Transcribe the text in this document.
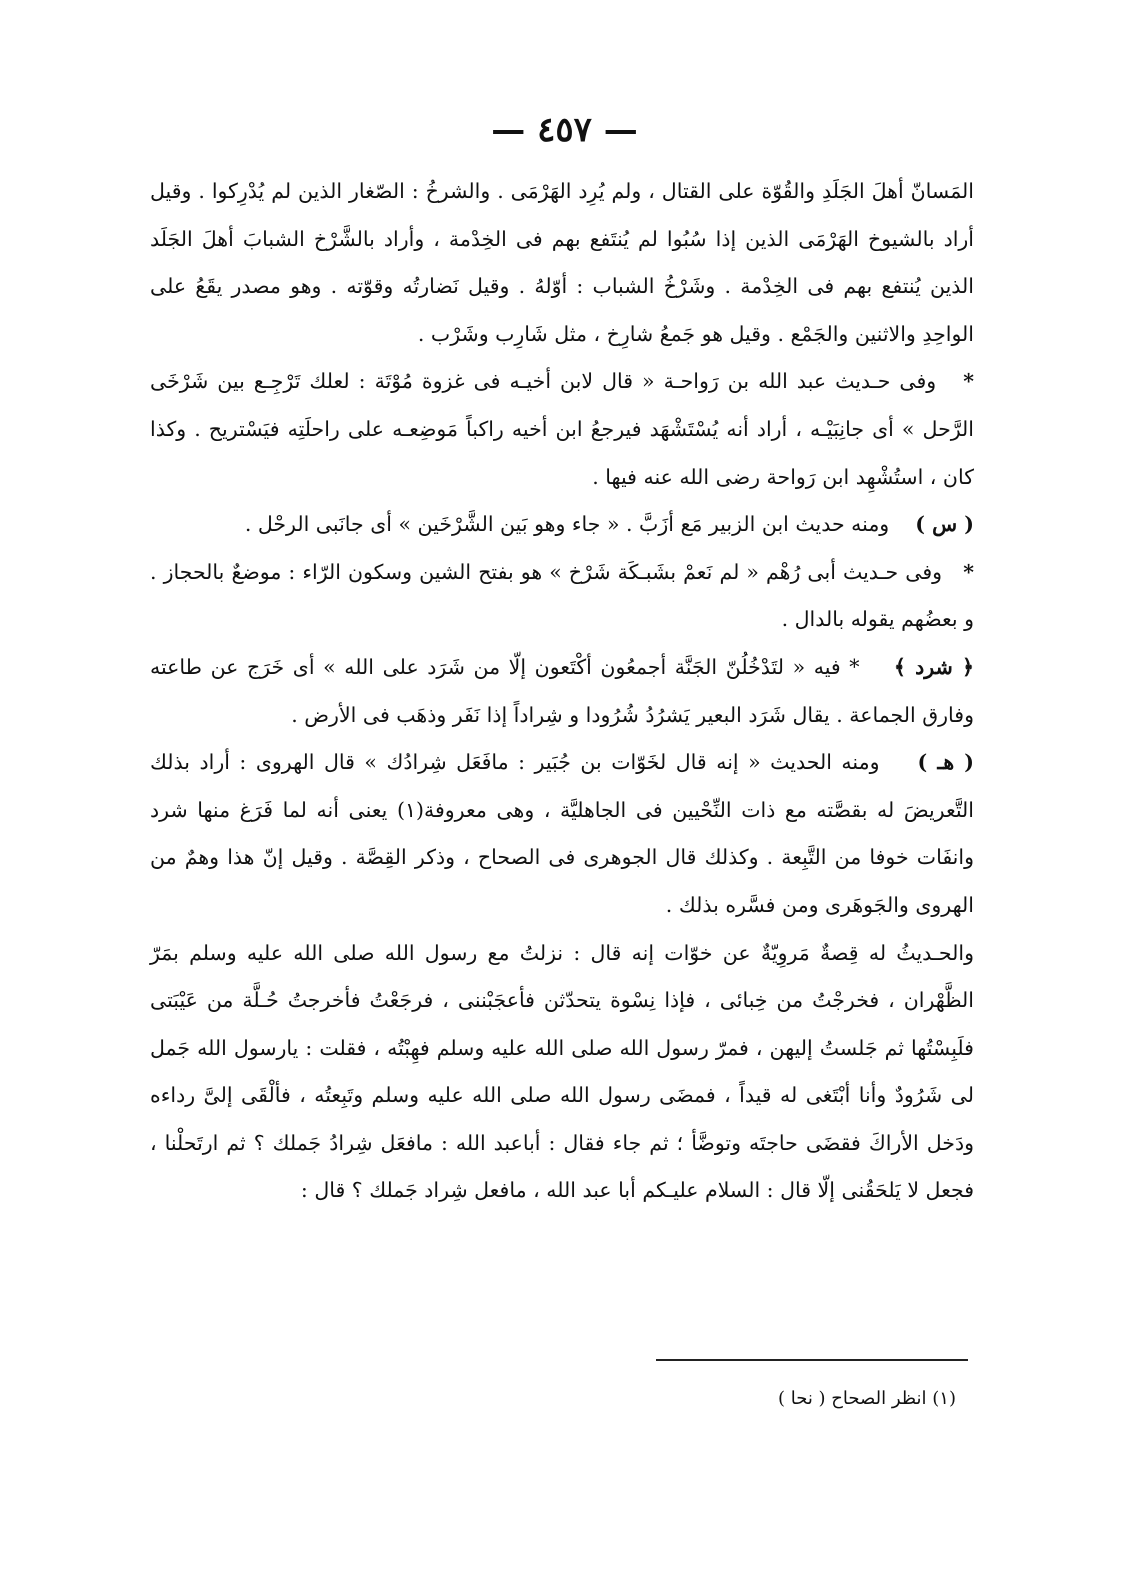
— ٤٥٧ —

المَسانّ أهلَ الجَلَدِ والقُوّة على القتال ، ولم يُرِد الهَرْمَى . والشرخُ : الصّغار الذين لم يُدْرِكوا . وقيل أراد بالشيوخ الهَرْمَى الذين إذا سُبُوا لم يُنتَفع بهم فى الخِدْمة ، وأراد بالشَّرْخ الشبابَ أهلَ الجَلَد الذين يُنتفع بهم فى الخِدْمة . وشَرْخُ الشباب : أوّلهُ . وقيل نَضارتُه وقوّته . وهو مصدر يقَعُ على الواحِدِ والاثنين والجَمْع . وقيل هو جَمعُ شارِخ ، مثل شَارِب وشَرْب .

*   وفى حـديث عبد الله بن رَواحـة « قال لابن أخيـه فى غزوة مُوْتَة : لعلك تَرْجِـع بين شَرْخَى الرَّحل » أى جانِبَيْـه ، أراد أنه يُسْتَشْهَد فيرجعُ ابن أخيه راكباً مَوضِعـه على راحلَتِه فيَسْتريح . وكذا كان ، استُشْهِد ابن رَواحة رضى الله عنه فيها .

( س )    ومنه حديث ابن الزبير مَع أزَبَّ . « جاء وهو بَين الشَّرْخَين » أى جانَبى الرحْل .

*   وفى حـديث أبى رُهْم « لم نَعمْ بشَبـكَة شَرْخ » هو بفتح الشين وسكون الرّاء : موضعٌ بالحجاز . و بعضُهم يقوله بالدال .

﴿ شرد ﴾    * فيه « لتَدْخُلُنّ الجَنَّة أجمعُون أكْتَعون إلّا من شَرَد على الله » أى خَرَج عن طاعته وفارق الجماعة . يقال شَرَد البعير يَشرُدُ شُرُودا و شِراداً إذا نَفَر وذهَب فى الأرض .

( هـ )    ومنه الحديث « إنه قال لخَوّات بن جُبَير : مافَعَل شِرادُك » قال الهروى : أراد بذلك التَّعريضَ له بقصَّته مع ذات النِّحْيين فى الجاهليَّة ، وهى معروفة(١) يعنى أنه لما فَرَغ منها شرد وانفَات خوفا من التَّبِعة . وكذلك قال الجوهرى فى الصحاح ، وذكر القِصَّة . وقيل إنّ هذا وهمٌ من الهروى والجَوهَرى ومن فسَّره بذلك .

والحـديثُ له قِصةٌ مَروِيّةٌ عن خوّات إنه قال : نزلتُ مع رسول الله صلى الله عليه وسلم بمَرّ الظَّهْران ، فخرجْتُ من خِبائى ، فإذا نِسْوة يتحدّثن فأعجَبْننى ، فرجَعْتُ فأخرجتُ حُـلَّة من عَيْبَتى فلَبِسْتُها ثم جَلستُ إليهن ، فمرّ رسول الله صلى الله عليه وسلم فهِبْتُه ، فقلت : يارسول الله جَمل لى شَرُودٌ وأنا أبْتَغى له قيداً ، فمضَى رسول الله صلى الله عليه وسلم وتَبِعتُه ، فألْقَى إلىَّ رداءه ودَخل الأراكَ فقضَى حاجتَه وتوضَّأ ؛ ثم جاء فقال : أباعبد الله : مافعَل شِرادُ جَملك ؟ ثم ارتَحلْنا ، فجعل لا يَلحَقُنى إلّا قال : السلام عليـكم أبا عبد الله ، مافعل شِراد جَملك ؟ قال :

(١) انظر الصحاح ( نحا )
